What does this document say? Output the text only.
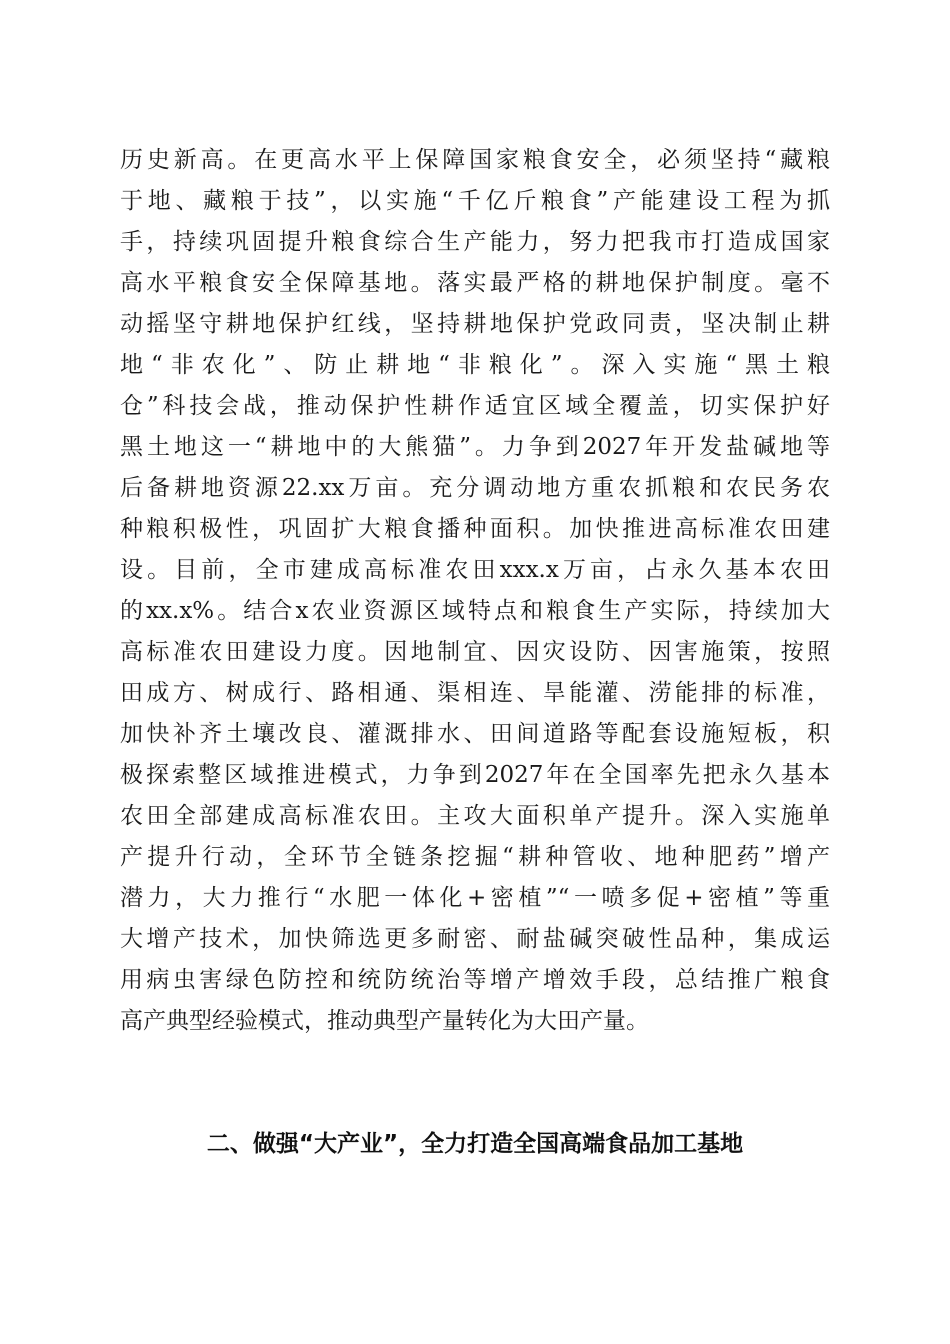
历史新高。在更高水平上保障国家粮食安全，必须坚持“藏粮
于地、藏粮于技”，以实施“千亿斤粮食”产能建设工程为抓
手，持续巩固提升粮食综合生产能力，努力把我市打造成国家
高水平粮食安全保障基地。落实最严格的耕地保护制度。毫不
动摇坚守耕地保护红线，坚持耕地保护党政同责，坚决制止耕
地“非农化”、防止耕地“非粮化”。深入实施“黑土粮
仓”科技会战，推动保护性耕作适宜区域全覆盖，切实保护好
黑土地这一“耕地中的大熊猫”。力争到2027年开发盐碱地等
后备耕地资源22.xx万亩。充分调动地方重农抓粮和农民务农
种粮积极性，巩固扩大粮食播种面积。加快推进高标准农田建
设。目前，全市建成高标准农田xxx.x万亩，占永久基本农田
的xx.x%。结合x农业资源区域特点和粮食生产实际，持续加大
高标准农田建设力度。因地制宜、因灾设防、因害施策，按照
田成方、树成行、路相通、渠相连、旱能灌、涝能排的标准，
加快补齐土壤改良、灌溉排水、田间道路等配套设施短板，积
极探索整区域推进模式，力争到2027年在全国率先把永久基本
农田全部建成高标准农田。主攻大面积单产提升。深入实施单
产提升行动，全环节全链条挖掘“耕种管收、地种肥药”增产
潜力，大力推行“水肥一体化+密植”“一喷多促+密植”等重
大增产技术，加快筛选更多耐密、耐盐碱突破性品种，集成运
用病虫害绿色防控和统防统治等增产增效手段，总结推广粮食
高产典型经验模式，推动典型产量转化为大田产量。
二、做强“大产业”，全力打造全国高端食品加工基地
